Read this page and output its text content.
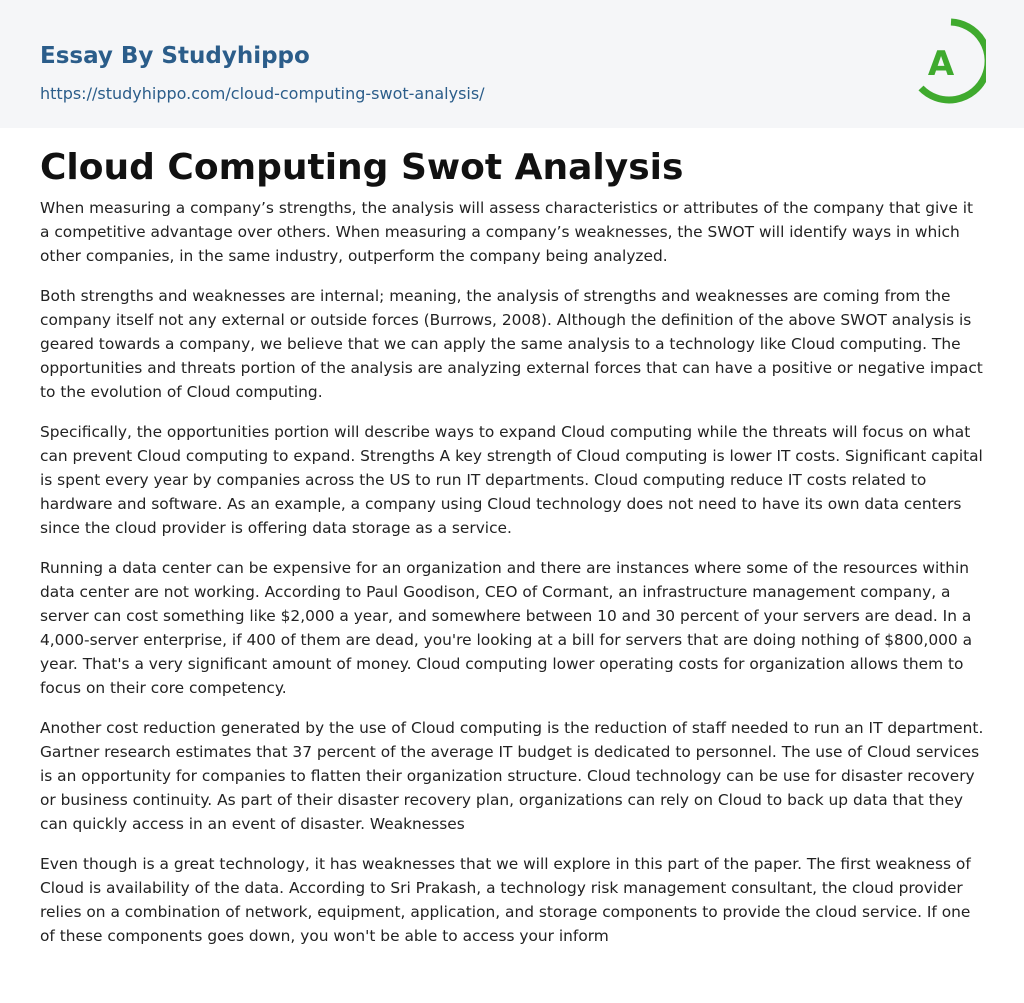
Essay By Studyhippo
https://studyhippo.com/cloud-computing-swot-analysis/
A
Cloud Computing Swot Analysis

When measuring a company’s strengths, the analysis will assess characteristics or attributes of the company that give it a competitive advantage over others. When measuring a company’s weaknesses, the SWOT will identify ways in which other companies, in the same industry, outperform the company being analyzed.

Both strengths and weaknesses are internal; meaning, the analysis of strengths and weaknesses are coming from the company itself not any external or outside forces (Burrows, 2008). Although the definition of the above SWOT analysis is geared towards a company, we believe that we can apply the same analysis to a technology like Cloud computing. The opportunities and threats portion of the analysis are analyzing external forces that can have a positive or negative impact to the evolution of Cloud computing.

Specifically, the opportunities portion will describe ways to expand Cloud computing while the threats will focus on what can prevent Cloud computing to expand. Strengths A key strength of Cloud computing is lower IT costs. Significant capital is spent every year by companies across the US to run IT departments. Cloud computing reduce IT costs related to hardware and software. As an example, a company using Cloud technology does not need to have its own data centers since the cloud provider is offering data storage as a service.

Running a data center can be expensive for an organization and there are instances where some of the resources within data center are not working. According to Paul Goodison, CEO of Cormant, an infrastructure management company, a server can cost something like $2,000 a year, and somewhere between 10 and 30 percent of your servers are dead. In a 4,000-server enterprise, if 400 of them are dead, you're looking at a bill for servers that are doing nothing of $800,000 a year. That's a very significant amount of money. Cloud computing lower operating costs for organization allows them to focus on their core competency.

Another cost reduction generated by the use of Cloud computing is the reduction of staff needed to run an IT department. Gartner research estimates that 37 percent of the average IT budget is dedicated to personnel. The use of Cloud services is an opportunity for companies to flatten their organization structure. Cloud technology can be use for disaster recovery or business continuity. As part of their disaster recovery plan, organizations can rely on Cloud to back up data that they can quickly access in an event of disaster. Weaknesses

Even though is a great technology, it has weaknesses that we will explore in this part of the paper. The first weakness of Cloud is availability of the data. According to Sri Prakash, a technology risk management consultant, the cloud provider relies on a combination of network, equipment, application, and storage components to provide the cloud service. If one of these components goes down, you won't be able to access your inform
